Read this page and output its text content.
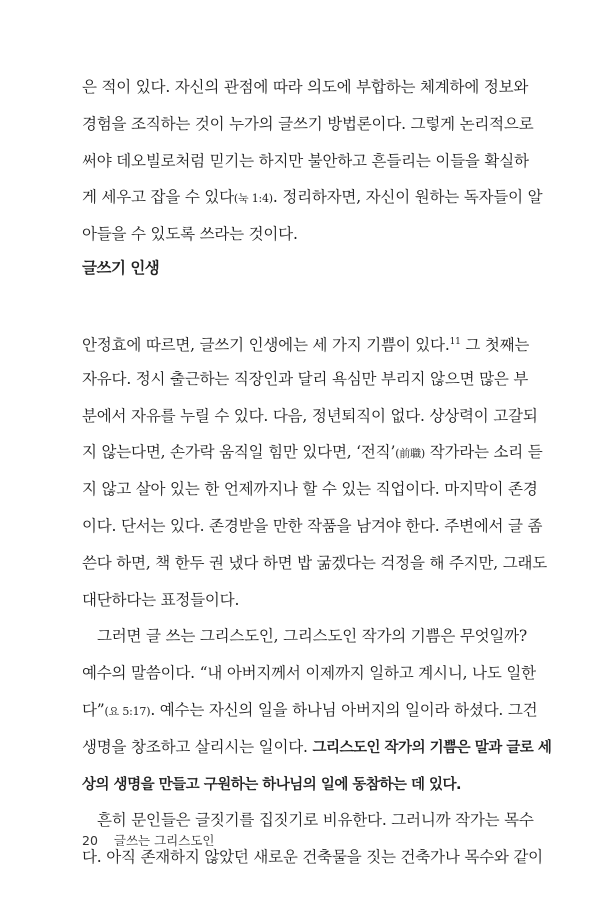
은 적이 있다. 자신의 관점에 따라 의도에 부합하는 체계하에 정보와
경험을 조직하는 것이 누가의 글쓰기 방법론이다. 그렇게 논리적으로
써야 데오빌로처럼 믿기는 하지만 불안하고 흔들리는 이들을 확실하
게 세우고 잡을 수 있다(눅 1:4). 정리하자면, 자신이 원하는 독자들이 알
아들을 수 있도록 쓰라는 것이다.
글쓰기 인생
안정효에 따르면, 글쓰기 인생에는 세 가지 기쁨이 있다.$^{11}$ 그 첫째는
자유다. 정시 출근하는 직장인과 달리 욕심만 부리지 않으면 많은 부
분에서 자유를 누릴 수 있다. 다음, 정년퇴직이 없다. 상상력이 고갈되
지 않는다면, 손가락 움직일 힘만 있다면, ‘전직’(前職) 작가라는 소리 듣
지 않고 살아 있는 한 언제까지나 할 수 있는 직업이다. 마지막이 존경
이다. 단서는 있다. 존경받을 만한 작품을 남겨야 한다. 주변에서 글 좀
쓴다 하면, 책 한두 권 냈다 하면 밥 굶겠다는 걱정을 해 주지만, 그래도
대단하다는 표정들이다.
그러면 글 쓰는 그리스도인, 그리스도인 작가의 기쁨은 무엇일까?
예수의 말씀이다. “내 아버지께서 이제까지 일하고 계시니, 나도 일한
다”(요 5:17). 예수는 자신의 일을 하나님 아버지의 일이라 하셨다. 그건
생명을 창조하고 살리시는 일이다. 그리스도인 작가의 기쁨은 말과 글로 세
상의 생명을 만들고 구원하는 하나님의 일에 동참하는 데 있다.
흔히 문인들은 글짓기를 집짓기로 비유한다. 그러니까 작가는 목수
다. 아직 존재하지 않았던 새로운 건축물을 짓는 건축가나 목수와 같이
20 글쓰는 그리스도인
